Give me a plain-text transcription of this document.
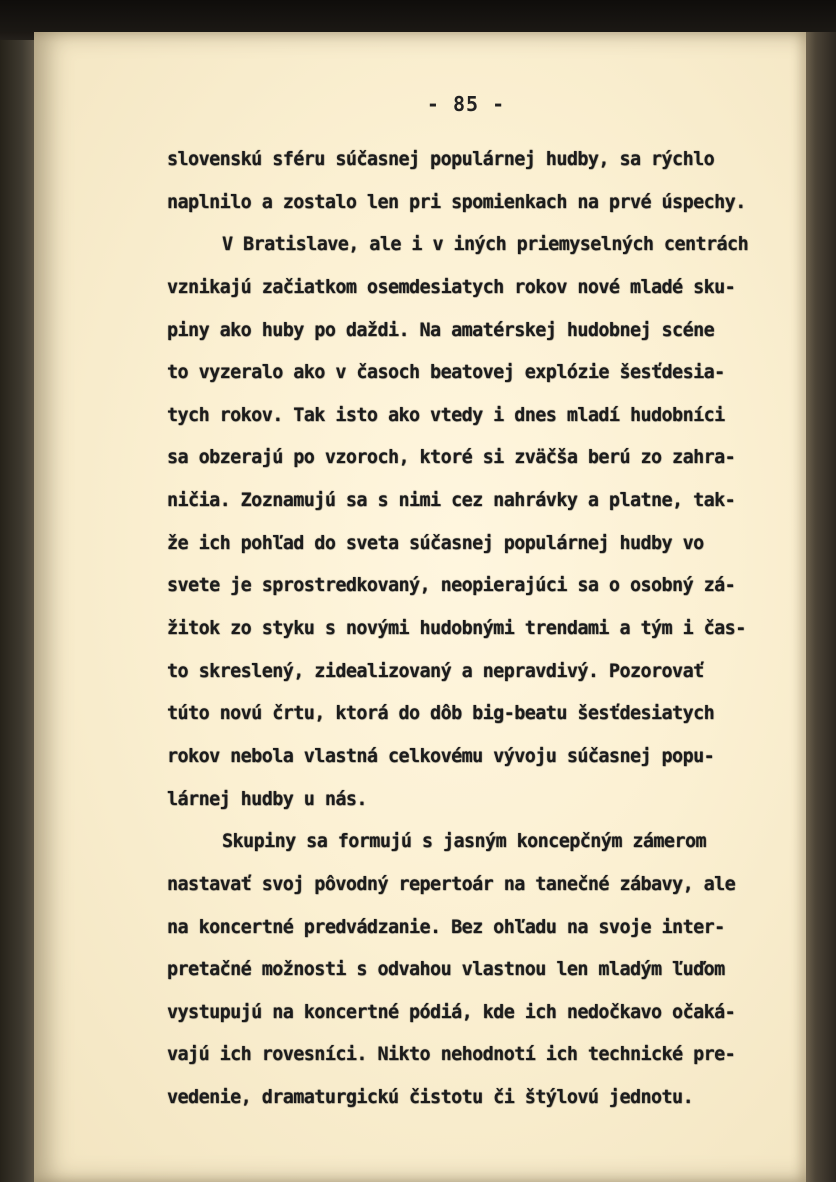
- 85 -
slovenskú sféru súčasnej populárnej hudby, sa rýchlo
naplnilo a zostalo len pri spomienkach na prvé úspechy.
V Bratislave, ale i v iných priemyselných centrách
vznikajú začiatkom osemdesiatych rokov nové mladé sku-
piny ako huby po daždi. Na amatérskej hudobnej scéne
to vyzeralo ako v časoch beatovej explózie šesťdesia-
tych rokov. Tak isto ako vtedy i dnes mladí hudobníci
sa obzerajú po vzoroch, ktoré si zväčša berú zo zahra-
ničia. Zoznamujú sa s nimi cez nahrávky a platne, tak-
že ich pohľad do sveta súčasnej populárnej hudby vo
svete je sprostredkovaný, neopierajúci sa o osobný zá-
žitok zo styku s novými hudobnými trendami a tým i čas-
to skreslený, zidealizovaný a nepravdivý. Pozorovať
túto novú črtu, ktorá do dôb big-beatu šesťdesiatych
rokov nebola vlastná celkovému vývoju súčasnej popu-
lárnej hudby u nás.
Skupiny sa formujú s jasným koncepčným zámerom
nastavať svoj pôvodný repertoár na tanečné zábavy, ale
na koncertné predvádzanie. Bez ohľadu na svoje inter-
pretačné možnosti s odvahou vlastnou len mladým ľuďom
vystupujú na koncertné pódiá, kde ich nedočkavo očaká-
vajú ich rovesníci. Nikto nehodnotí ich technické pre-
vedenie, dramaturgickú čistotu či štýlovú jednotu.
